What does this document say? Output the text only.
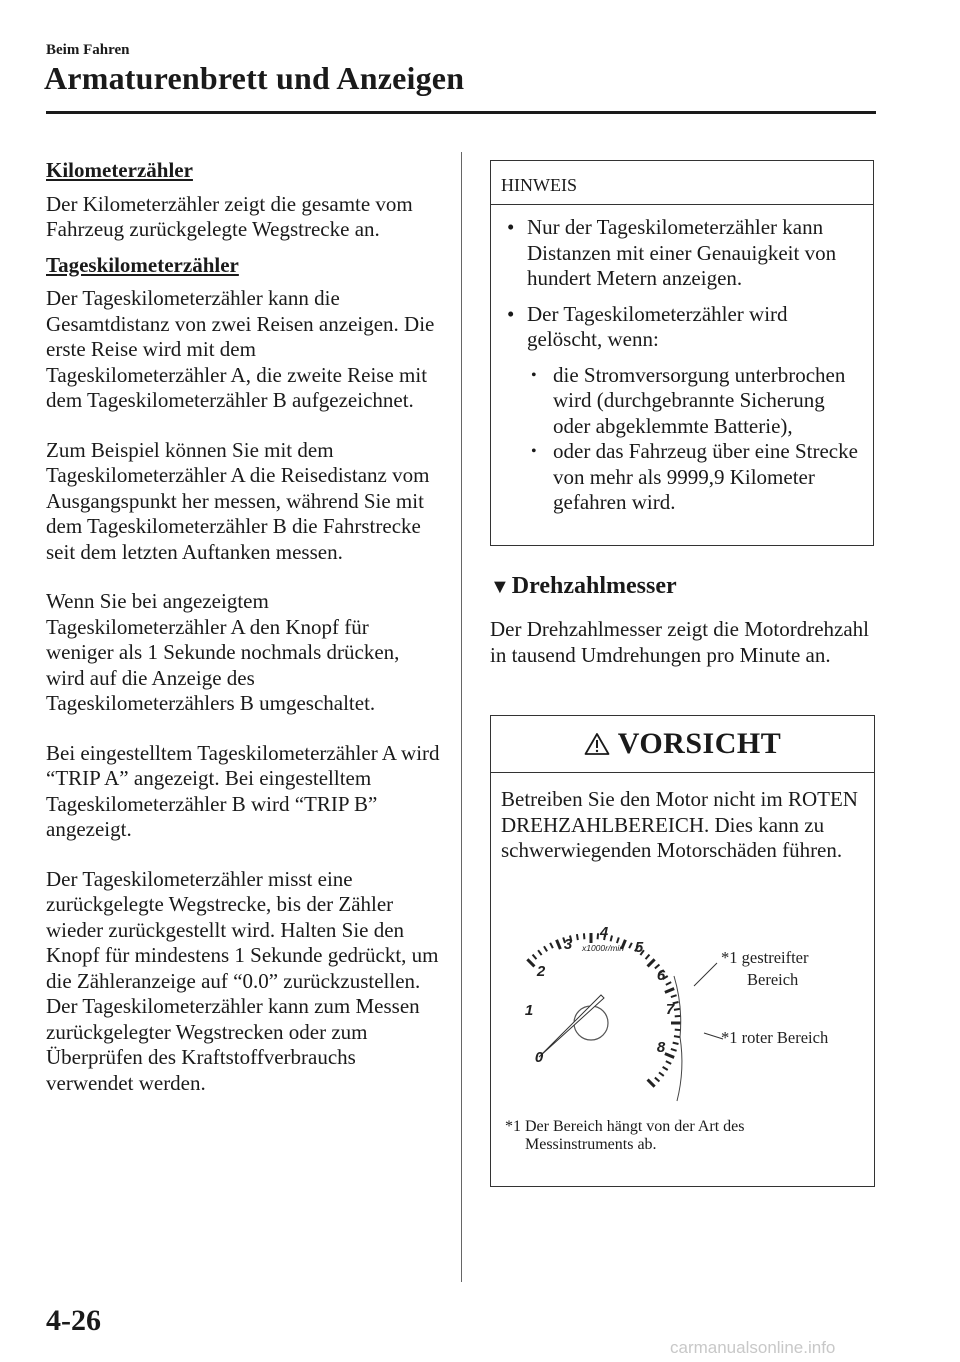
Beim Fahren
Armaturenbrett und Anzeigen
Kilometerzähler

Der Kilometerzähler zeigt die gesamte vom Fahrzeug zurückgelegte Wegstrecke an.

Tageskilometerzähler

Der Tageskilometerzähler kann die Gesamtdistanz von zwei Reisen anzeigen. Die erste Reise wird mit dem Tageskilometerzähler A, die zweite Reise mit dem Tageskilometerzähler B aufgezeichnet.

Zum Beispiel können Sie mit dem Tageskilometerzähler A die Reisedistanz vom Ausgangspunkt her messen, während Sie mit dem Tageskilometerzähler B die Fahrstrecke seit dem letzten Auftanken messen.

Wenn Sie bei angezeigtem Tageskilometerzähler A den Knopf für weniger als 1 Sekunde nochmals drücken, wird auf die Anzeige des Tageskilometerzählers B umgeschaltet.

Bei eingestelltem Tageskilometerzähler A wird “TRIP A” angezeigt. Bei eingestelltem Tageskilometerzähler B wird “TRIP B” angezeigt.

Der Tageskilometerzähler misst eine zurückgelegte Wegstrecke, bis der Zähler wieder zurückgestellt wird. Halten Sie den Knopf für mindestens 1 Sekunde gedrückt, um die Zähleranzeige auf “0.0” zurückzustellen. Der Tageskilometerzähler kann zum Messen zurückgelegter Wegstrecken oder zum Überprüfen des Kraftstoffverbrauchs verwendet werden.

HINWEIS
• Nur der Tageskilometerzähler kann Distanzen mit einer Genauigkeit von hundert Metern anzeigen.
• Der Tageskilometerzähler wird gelöscht, wenn:
• die Stromversorgung unterbrochen wird (durchgebrannte Sicherung oder abgeklemmte Batterie),
• oder das Fahrzeug über eine Strecke von mehr als 9999,9 Kilometer gefahren wird.
▼Drehzahlmesser

Der Drehzahlmesser zeigt die Motordrehzahl in tausend Umdrehungen pro Minute an.

VORSICHT

Betreiben Sie den Motor nicht im ROTEN DREHZAHLBEREICH. Dies kann zu schwerwiegenden Motorschäden führen.

0
1
2
3
4
5
6
7
8
x1000r/min	*1 gestreifter
Bereich
*1 roter Bereich
*1 Der Bereich hängt von der Art des
Messinstruments ab.
4-26
carmanualsonline.info
